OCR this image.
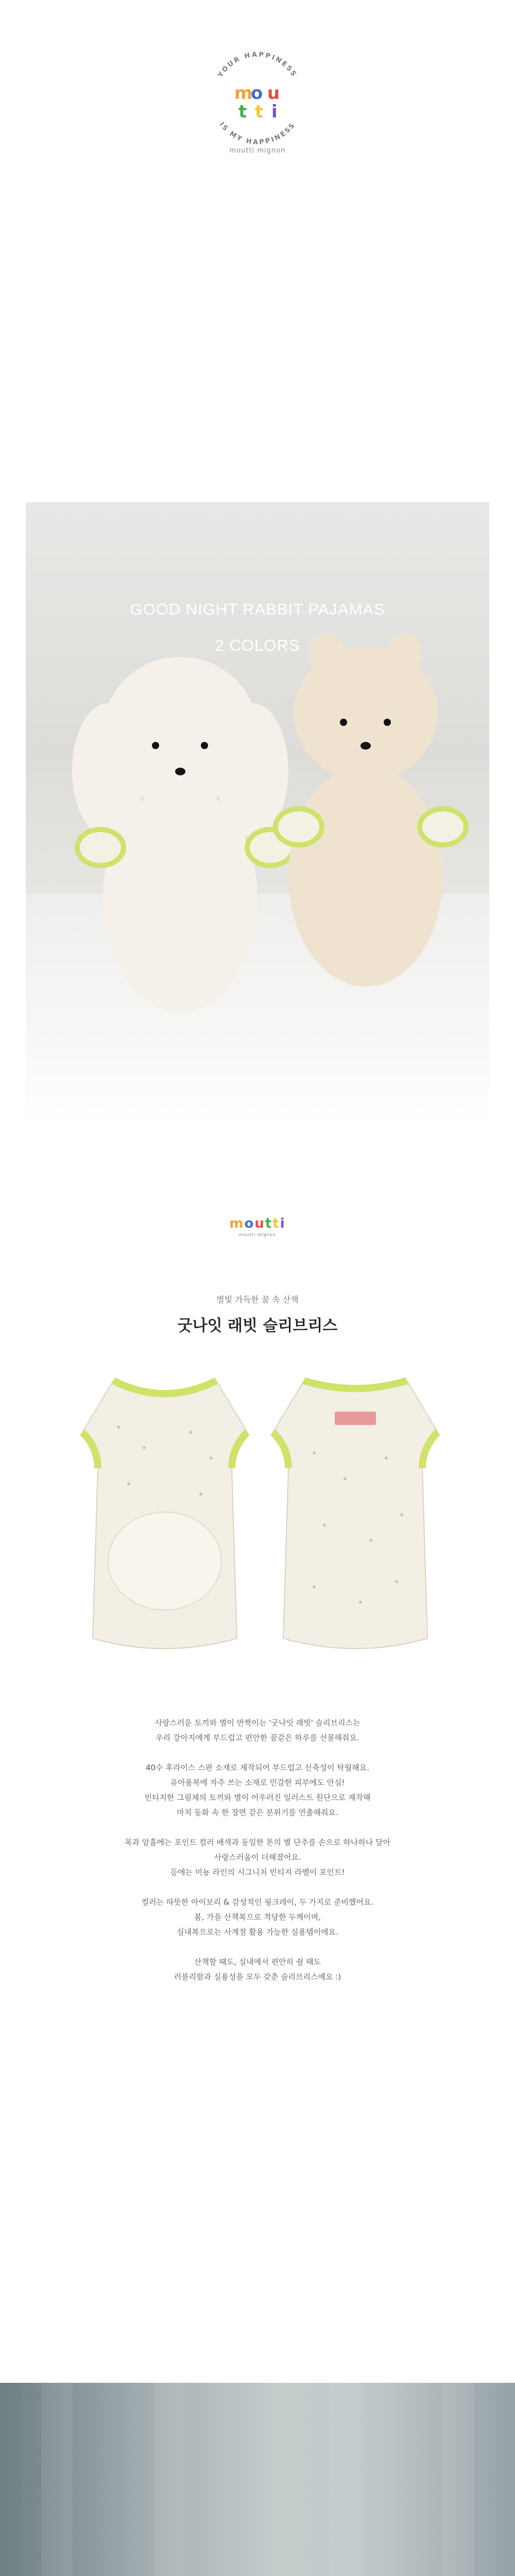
YOUR HAPPINESS
IS MY HAPPINESS
m
o u
t t i
moutti mignon
GOOD NIGHT RABBIT PAJAMAS
2 COLORS
moutti
moutti mignon
별빛 가득한 꿈 속 산책
굿나잇 래빗 슬리브리스
사랑스러운 토끼와 별이 반짝이는 '굿나잇 래빗' 슬리브리스는
우리 강아지에게 부드럽고 편안한 꿈같은 하루를 선물해줘요.
40수 후라이스 스판 소재로 제작되어 부드럽고 신축성이 탁월해요.
유아용복에 자주 쓰는 소재로 민감한 피부에도 안심!
빈티지한 그림체의 토끼와 별이 어우러진 일러스트 원단으로 제작해
마치 동화 속 한 장면 같은 분위기를 연출해줘요.
목과 암홀에는 포인트 컬러 배색과 동일한 톤의 별 단추를 손으로 하나하나 달아
사랑스러움이 더해졌어요.
등에는 미뇽 라인의 시그니처 빈티지 라벨이 포인트!
컬러는 따뜻한 아이보리 & 감성적인 핑크레이, 두 가지로 준비했어요.
봄, 가을 산책복으로 적당한 두께이며,
실내복으로는 사계절 활용 가능한 실용템이에요.
산책할 때도, 실내에서 편안히 쉴 때도
러블리함과 실용성을 모두 갖춘 슬리브리스예요 :)
